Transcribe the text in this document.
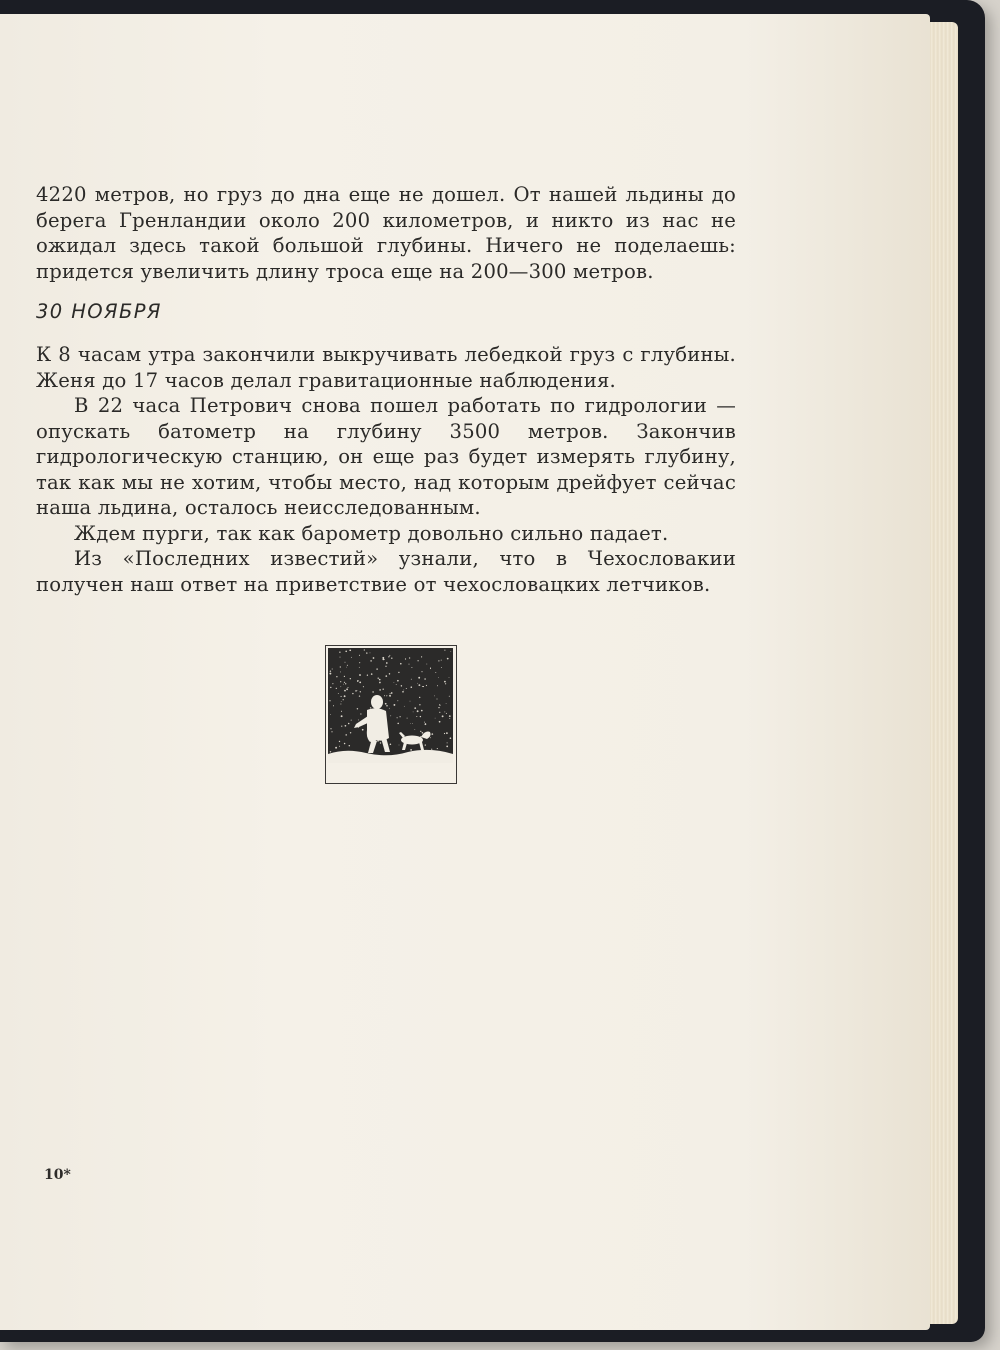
4220 метров, но груз до дна еще не дошел. От нашей льдины до берега Гренландии около 200 километров, и никто из нас не ожидал здесь такой большой глубины. Ничего не поделаешь: придется увеличить длину троса еще на 200—300 метров.

30 НОЯБРЯ

К 8 часам утра закончили выкручивать лебедкой груз с глубины. Женя до 17 часов делал гравитационные наблюдения.

В 22 часа Петрович снова пошел работать по гидрологии — опускать батометр на глубину 3500 метров. Закончив гидрологическую станцию, он еще раз будет измерять глубину, так как мы не хотим, чтобы место, над которым дрейфует сейчас наша льдина, осталось неисследованным.

Ждем пурги, так как барометр довольно сильно падает.

Из «Последних известий» узнали, что в Чехословакии получен наш ответ на приветствие от чехословацких летчиков.

10*
